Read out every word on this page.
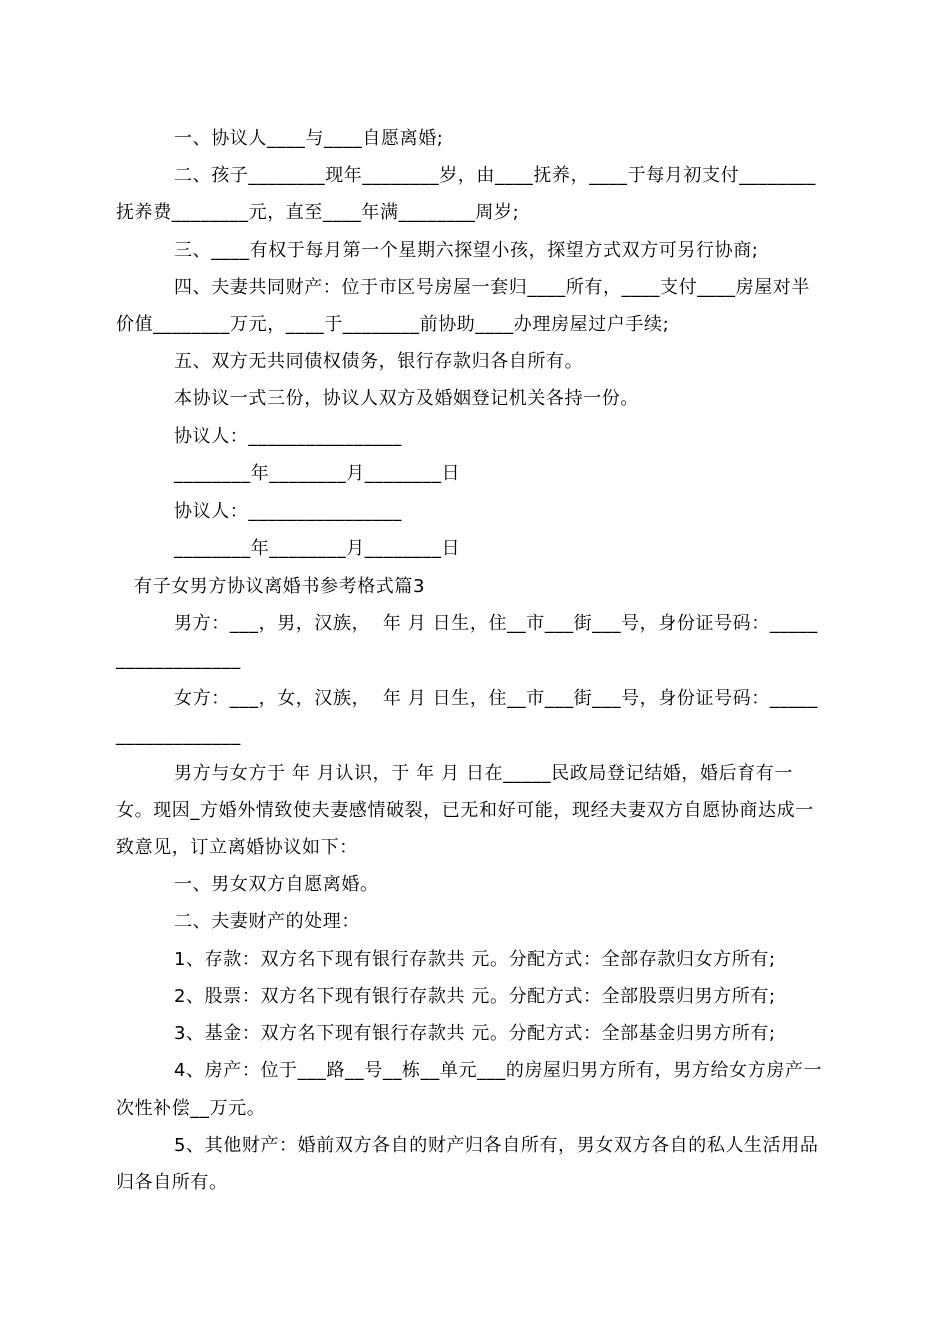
一、协议人____与____自愿离婚;
二、孩子________现年________岁，由____抚养，____于每月初支付________
抚养费________元，直至____年满________周岁;
三、____有权于每月第一个星期六探望小孩，探望方式双方可另行协商;
四、夫妻共同财产：位于市区号房屋一套归____所有，____支付____房屋对半
价值________万元，____于________前协助____办理房屋过户手续;
五、双方无共同债权债务，银行存款归各自所有。
本协议一式三份，协议人双方及婚姻登记机关各持一份。
协议人：________________
________年________月________日
协议人：________________
________年________月________日
有子女男方协议离婚书参考格式篇3
男方：___，男，汉族，  年 月 日生，住__市___街___号，身份证号码：_____
_____________
女方：___，女，汉族，  年 月 日生，住__市___街___号，身份证号码：_____
_____________
男方与女方于 年 月认识，于 年 月 日在_____民政局登记结婚，婚后育有一
女。现因_方婚外情致使夫妻感情破裂，已无和好可能，现经夫妻双方自愿协商达成一
致意见，订立离婚协议如下：
一、男女双方自愿离婚。
二、夫妻财产的处理：
1、存款：双方名下现有银行存款共 元。分配方式：全部存款归女方所有;
2、股票：双方名下现有银行存款共 元。分配方式：全部股票归男方所有;
3、基金：双方名下现有银行存款共 元。分配方式：全部基金归男方所有;
4、房产：位于___路__号__栋__单元___的房屋归男方所有，男方给女方房产一
次性补偿__万元。
5、其他财产：婚前双方各自的财产归各自所有，男女双方各自的私人生活用品
归各自所有。
